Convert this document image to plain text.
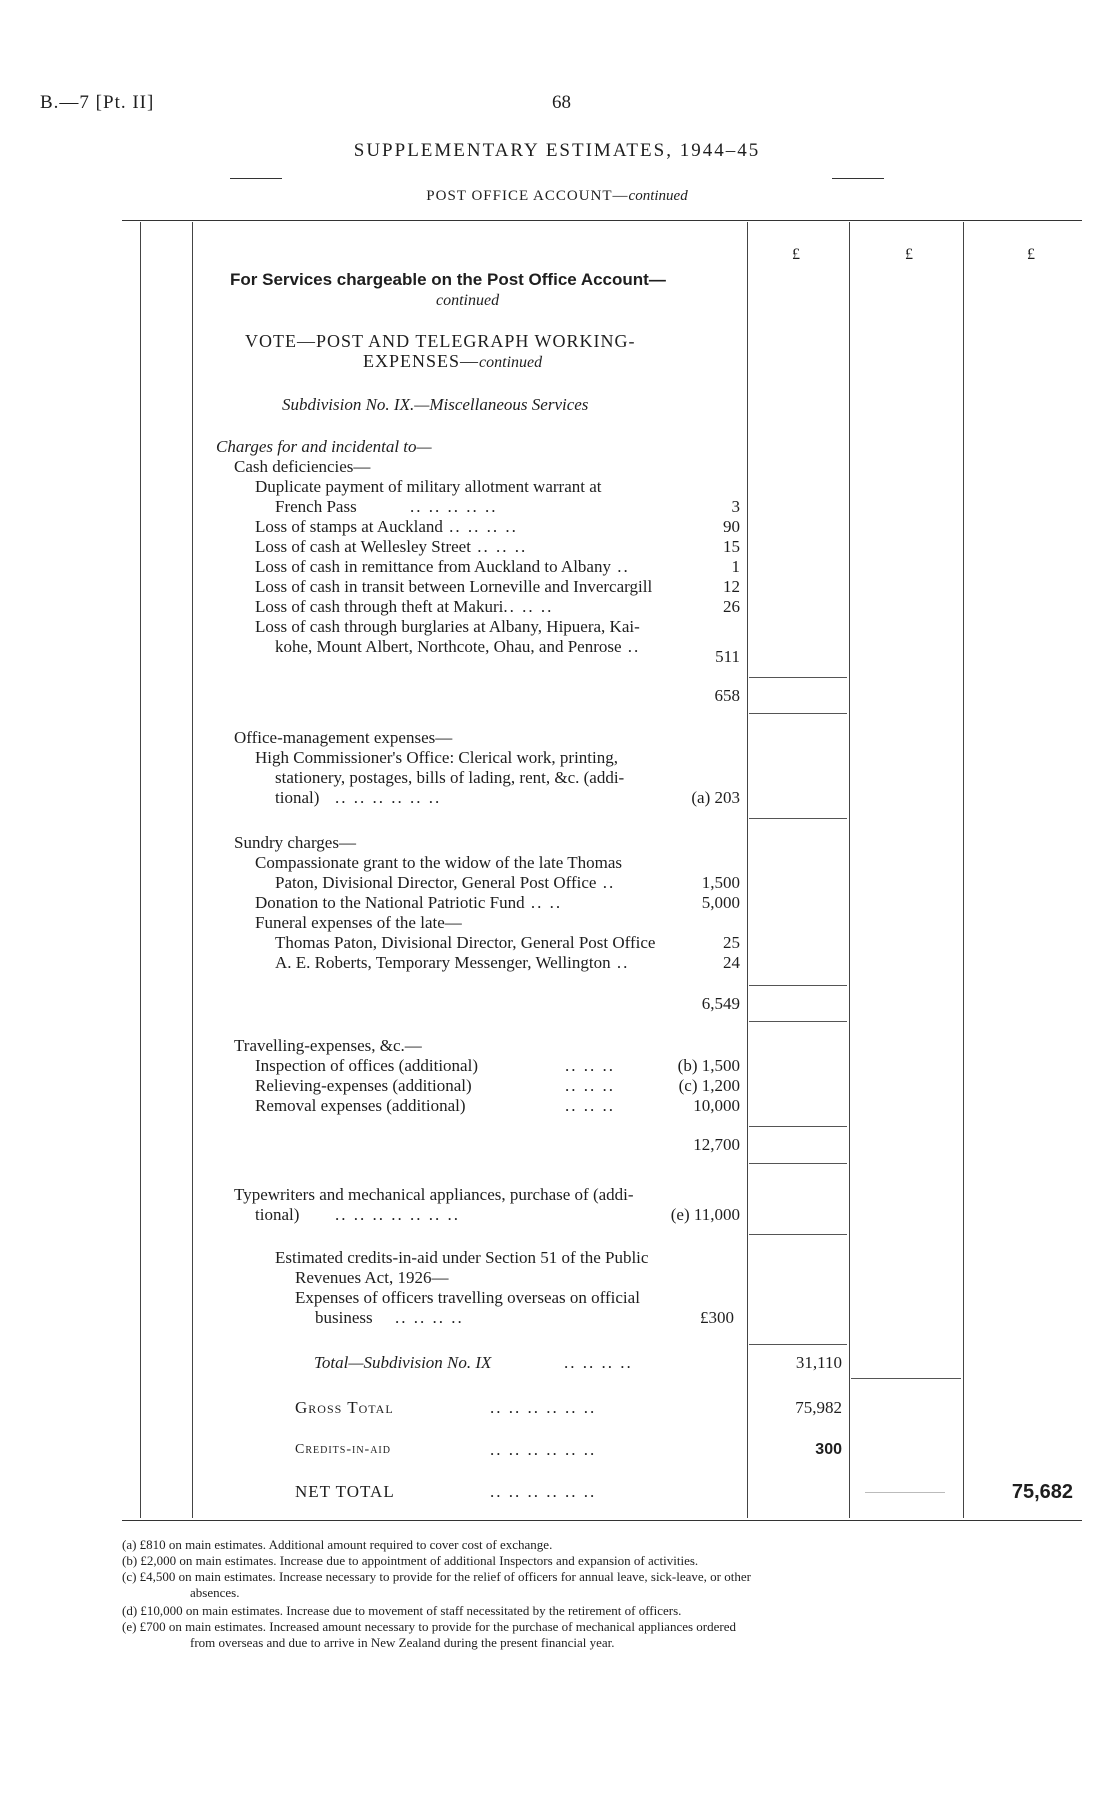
B.—7 [Pt. II]	68
SUPPLEMENTARY ESTIMATES, 1944–45
POST OFFICE ACCOUNT—continued
£	£	£
For Services chargeable on the Post Office Account—
continued
VOTE—POST AND TELEGRAPH WORKING-
EXPENSES—continued
Subdivision No. IX.—Miscellaneous Services
Charges for and incidental to—
Cash deficiencies—
Duplicate payment of military allotment warrant at
French Pass	.. .. .. .. ..	3
Loss of stamps at Auckland .. .. .. ..	90
Loss of cash at Wellesley Street .. .. ..	15
Loss of cash in remittance from Auckland to Albany ..	1
Loss of cash in transit between Lorneville and Invercargill	12
Loss of cash through theft at Makuri.. .. ..	26
Loss of cash through burglaries at Albany, Hipuera, Kai-
kohe, Mount Albert, Northcote, Ohau, and Penrose ..
511
658
Office-management expenses—
High Commissioner's Office: Clerical work, printing,
stationery, postages, bills of lading, rent, &c. (addi-
tional) .. .. .. .. .. ..	(a) 203
Sundry charges—
Compassionate grant to the widow of the late Thomas
Paton, Divisional Director, General Post Office ..	1,500
Donation to the National Patriotic Fund .. ..	5,000
Funeral expenses of the late—
Thomas Paton, Divisional Director, General Post Office	25
A. E. Roberts, Temporary Messenger, Wellington ..	24
6,549
Travelling-expenses, &c.—
Inspection of offices (additional)	.. .. ..	(b) 1,500
Relieving-expenses (additional)	.. .. ..	(c) 1,200
Removal expenses (additional)	.. .. ..	10,000
12,700
Typewriters and mechanical appliances, purchase of (addi-
tional) .. .. .. .. .. .. ..	(e) 11,000
Estimated credits-in-aid under Section 51 of the Public
Revenues Act, 1926—
Expenses of officers travelling overseas on official
business .. .. .. ..	£300
Total—Subdivision No. IX	.. .. .. ..	31,110
Gross Total	.. .. .. .. .. ..	75,982
Credits-in-aid	.. .. .. .. .. ..	300
NET TOTAL	.. .. .. .. .. ..	75,682
(a) £810 on main estimates. Additional amount required to cover cost of exchange.
(b) £2,000 on main estimates. Increase due to appointment of additional Inspectors and expansion of activities.
(c) £4,500 on main estimates. Increase necessary to provide for the relief of officers for annual leave, sick-leave, or other
absences.
(d) £10,000 on main estimates. Increase due to movement of staff necessitated by the retirement of officers.
(e) £700 on main estimates. Increased amount necessary to provide for the purchase of mechanical appliances ordered
from overseas and due to arrive in New Zealand during the present financial year.
